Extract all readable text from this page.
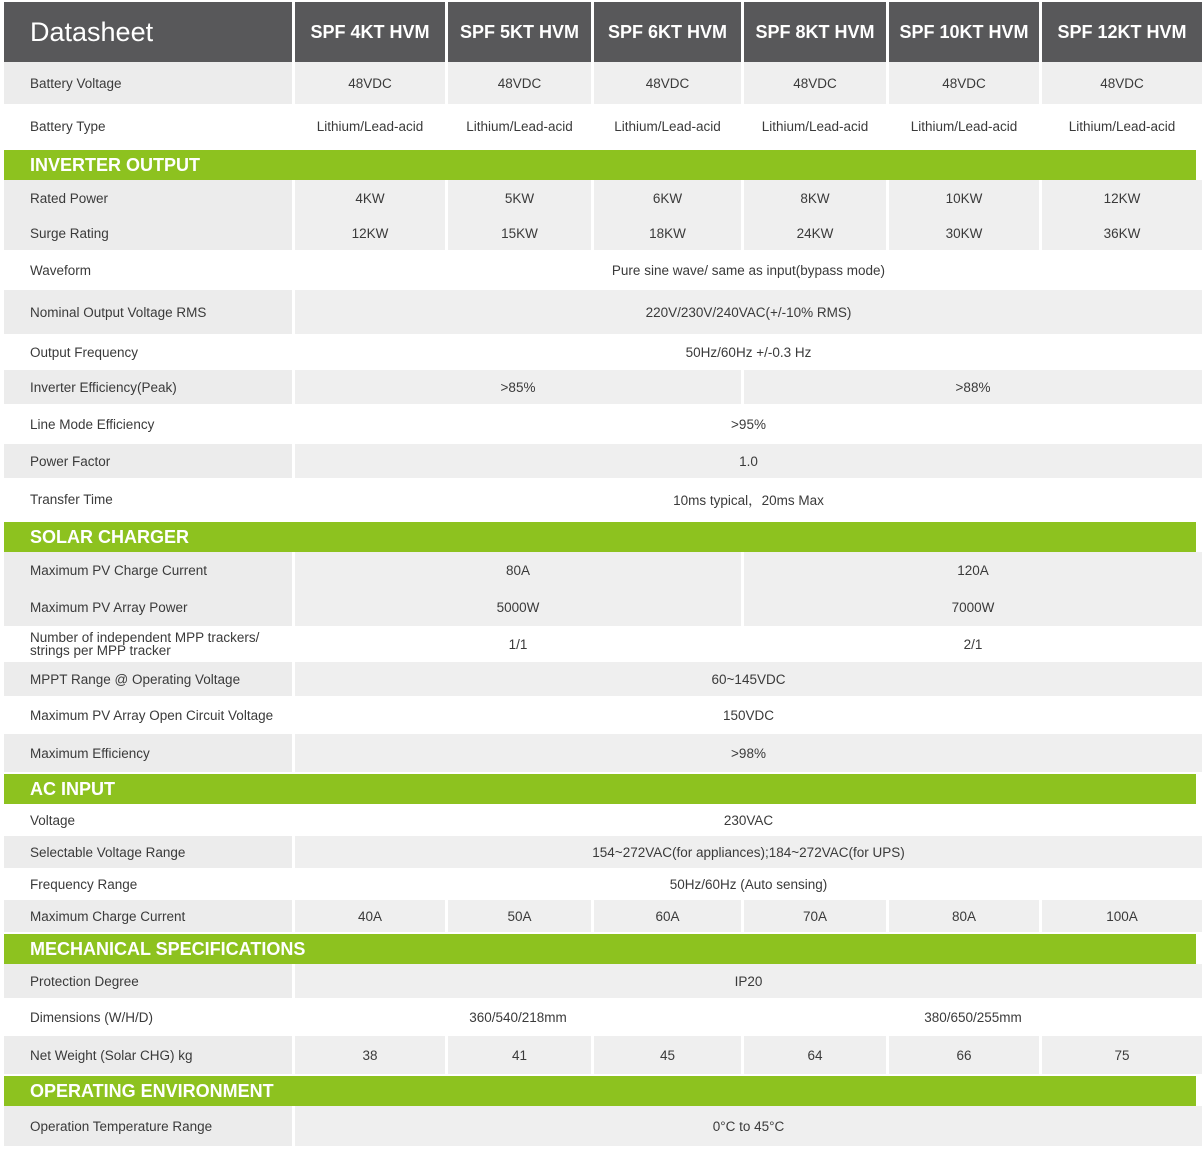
Datasheet	SPF 4KT HVM	SPF 5KT HVM	SPF 6KT HVM	SPF 8KT HVM	SPF 10KT HVM	SPF 12KT HVM
Battery Voltage	48VDC	48VDC	48VDC	48VDC	48VDC	48VDC
Battery Type	Lithium/Lead-acid	Lithium/Lead-acid	Lithium/Lead-acid	Lithium/Lead-acid	Lithium/Lead-acid	Lithium/Lead-acid
INVERTER OUTPUT
Rated Power	4KW	5KW	6KW	8KW	10KW	12KW
Surge Rating	12KW	15KW	18KW	24KW	30KW	36KW
Waveform	Pure sine wave/ same as input(bypass mode)
Nominal Output Voltage RMS	220V/230V/240VAC(+/-10% RMS)
Output Frequency	50Hz/60Hz +/-0.3 Hz
Inverter Efficiency(Peak)	>85%	>88%
Line Mode Efficiency	>95%
Power Factor	1.0
Transfer Time	10ms typical，20ms Max
SOLAR CHARGER
Maximum PV Charge Current	80A	120A
Maximum PV Array Power	5000W	7000W
Number of independent MPP trackers/ strings per MPP tracker	1/1	2/1
MPPT Range @ Operating Voltage	60~145VDC
Maximum PV Array Open Circuit Voltage	150VDC
Maximum Efficiency	>98%
AC INPUT
Voltage	230VAC
Selectable Voltage Range	154~272VAC(for appliances);184~272VAC(for UPS)
Frequency Range	50Hz/60Hz (Auto sensing)
Maximum Charge Current	40A	50A	60A	70A	80A	100A
MECHANICAL SPECIFICATIONS
Protection Degree	IP20
Dimensions (W/H/D)	360/540/218mm	380/650/255mm
Net Weight (Solar CHG) kg	38	41	45	64	66	75
OPERATING ENVIRONMENT
Operation Temperature Range	0°C to 45°C
